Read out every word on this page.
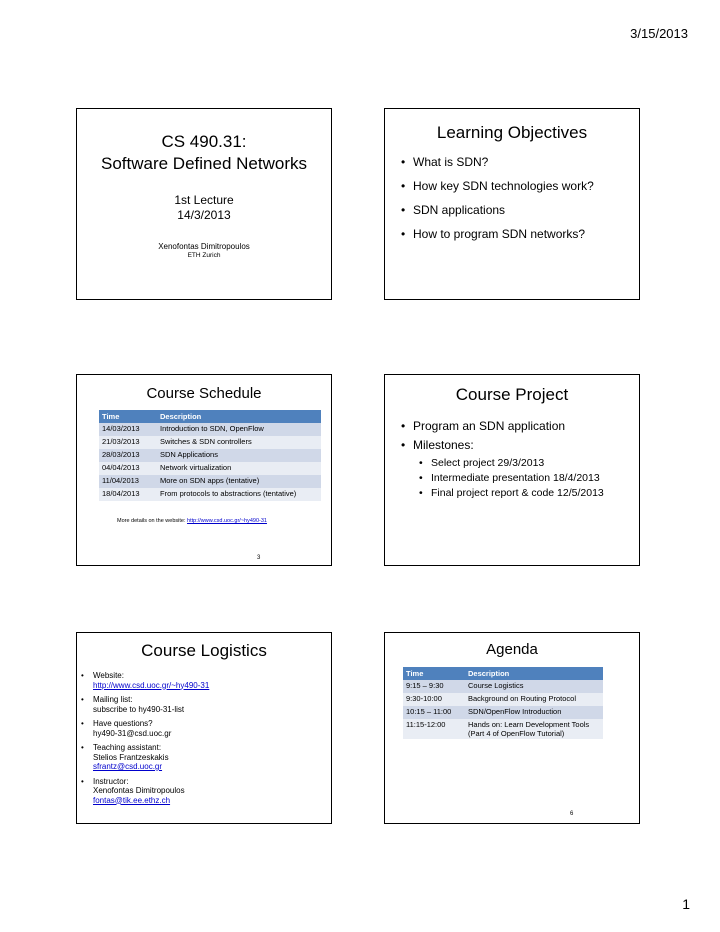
3/15/2013
CS 490.31:
Software Defined Networks
1st Lecture
14/3/2013
Xenofontas Dimitropoulos
ETH Zurich
Learning Objectives
• What is SDN?
• How key SDN technologies work?
• SDN applications
• How to program SDN networks?
Course Schedule
Time	Description
14/03/2013	Introduction to SDN, OpenFlow
21/03/2013	Switches & SDN controllers
28/03/2013	SDN Applications
04/04/2013	Network virtualization
11/04/2013	More on SDN apps (tentative)
18/04/2013	From protocols to abstractions (tentative)
More details on the website: http://www.csd.uoc.gr/~hy490-31
3
Course Project
• Program an SDN application
• Milestones:
• Select project 29/3/2013
• Intermediate presentation 18/4/2013
• Final project report & code 12/5/2013
Course Logistics
• Website:
http://www.csd.uoc.gr/~hy490-31
• Mailing list:
subscribe to hy490-31-list
• Have questions?
hy490-31@csd.uoc.gr
• Teaching assistant:
Stelios Frantzeskakis
sfrantz@csd.uoc.gr
• Instructor:
Xenofontas Dimitropoulos
fontas@tik.ee.ethz.ch
Agenda
Time	Description
9:15 – 9:30	Course Logistics
9:30-10:00	Background on Routing Protocol
10:15 – 11:00	SDN/OpenFlow Introduction
11:15-12:00	Hands on: Learn Development Tools
(Part 4 of OpenFlow Tutorial)
6
1
